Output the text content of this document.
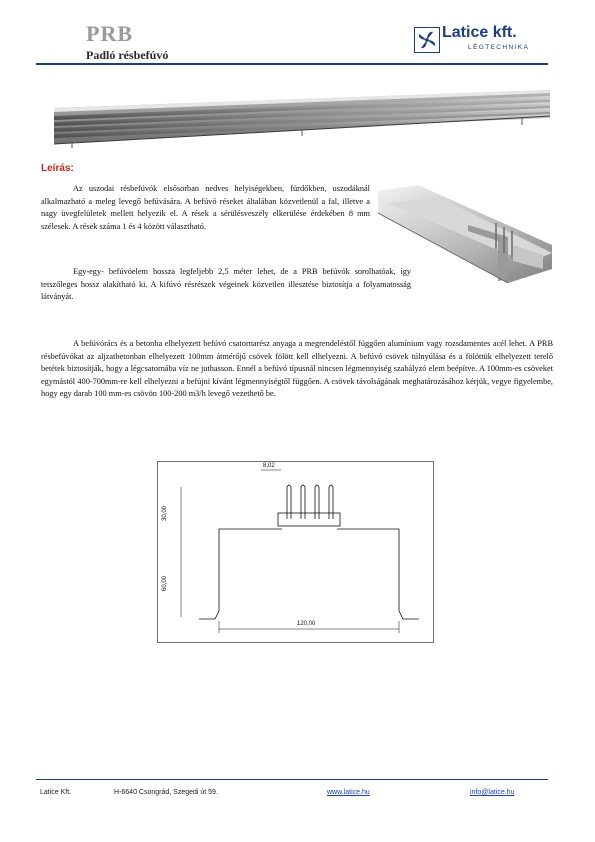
PRB
Padló résbefúvó
Latice kft.
LÉGTECHNIKA
Leírás:
Az uszodai résbefúvók elsősorban nedves helyiségekben, fürdőkben, uszodáknál alkalmazható a meleg levegő befúvására. A befúvó réseket általában közvetlenül a fal, illetve a nagy üvegfelületek mellett helyezik el. A rések a sérülésveszély elkerülése érdekében 8 mm szélesek. A rések száma 1 és 4 között választható.
Egy-egy- befúvóelem hossza legfeljebb 2,5 méter lehet, de a PRB befúvók sorolhatóak, így tetszőleges hossz alakítható ki. A kifúvó résrészek végeinek közvetlen illesztése biztosítja a folyamatosság látványát.
A befúvórács és a betonba elhelyezett befúvó csatornarész anyaga a megrendeléstől függően alumínium vagy rozsdamentes acél lehet. A PRB résbefúvókat az aljzatbetonban elhelyezett 100mm átmérőjű csövek fölött kell elhelyezni. A befúvó csövek túlnyúlása és a fölöttük elhelyezett terelő betétek biztosítják, hogy a légcsatornába víz ne juthasson. Ennél a befúvó típusnál nincsen légmennyiség szabályzó elem beépítve. A 100mm-es csöveket egymástól 400-700mm-re kell elhelyezni a befújni kívánt légmennyiségtől függően. A csövek távolságának meghatározásához kérjük, vegye figyelembe, hogy egy darab 100 mm-es csövön 100-200 m3/h levegő vezethető be.
8,02
30,00
60,00
120,00
Latice Kft.	H-6640 Csongrád, Szegedi út 59.	www.latice.hu	info@latice.hu
